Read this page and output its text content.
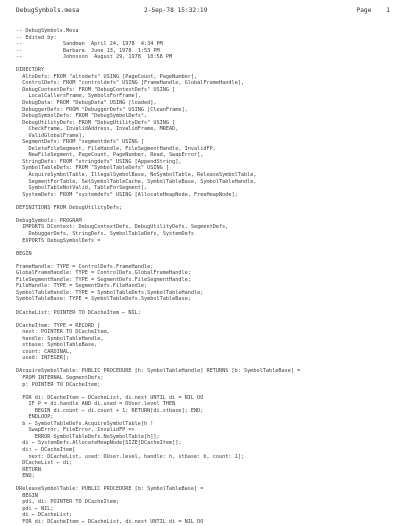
DebugSymbols.mesa	2-Sep-78 15:32:19	Page    1
-- DebugSymbols.Mesa
-- Edited by:
--             Sandman  April 24, 1978  4:34 PM
--             Barbara  June 13, 1978  1:53 PM
--             Johnsson  August 29, 1978  10:58 PM
DIRECTORY
AltoDefs: FROM "altodefs" USING [PageCount, PageNumber],
ControlDefs: FROM "controldefs" USING [FrameHandle, GlobalFrameHandle],
DebugContextDefs: FROM "DebugContextDefs" USING [
LocalCallersFrame, SymbolsForFrame],
DebugData: FROM "DebugData" USING [loaded],
DebuggerDefs: FROM "DebuggerDefs" USING [CleanFrame],
DebugSymbolDefs: FROM "DebugSymbolDefs",
DebugUtilityDefs: FROM "DebugUtilityDefs" USING [
CheckFrame, InvalidAddress, InvalidFrame, MREAD,
ValidGlobalFrame],
SegmentDefs: FROM "segmentdefs" USING [
DeleteFileSegment, FileHandle, FileSegmentHandle, InvalidFP,
NewFileSegment, PageCount, PageNumber, Read, SwapError],
StringDefs: FROM "stringdefs" USING [AppendString],
SymbolTableDefs: FROM "SymbolTableDefs" USING [
AcquireSymbolTable, IllegalSymbolBase, NoSymbolTable, ReleaseSymbolTable,
SegmentForTable, SetSymbolTableCache, SymbolTableBase, SymbolTableHandle,
SymbolTableNotValid, TableForSegment],
SystemDefs: FROM "systemdefs" USING [AllocateHeapNode, FreeHeapNode];
DEFINITIONS FROM DebugUtilityDefs;
DebugSymbols: PROGRAM
IMPORTS DContext: DebugContextDefs, DebugUtilityDefs, SegmentDefs,
DebuggerDefs, StringDefs, SymbolTableDefs, SystemDefs
EXPORTS DebugSymbolDefs =
BEGIN
FrameHandle: TYPE = ControlDefs.FrameHandle;
GlobalFrameHandle: TYPE = ControlDefs.GlobalFrameHandle;
FileSegmentHandle: TYPE = SegmentDefs.FileSegmentHandle;
FileHandle: TYPE = SegmentDefs.FileHandle;
SymbolTableHandle: TYPE = SymbolTableDefs.SymbolTableHandle;
SymbolTableBase: TYPE = SymbolTableDefs.SymbolTableBase;
DCacheList: POINTER TO DCacheItem ← NIL;
DCacheItem: TYPE = RECORD [
next: POINTER TO DCacheItem,
handle: SymbolTableHandle,
stbase: SymbolTableBase,
count: CARDINAL,
used: INTEGER];
DAcquireSymbolTable: PUBLIC PROCEDURE [h: SymbolTableHandle] RETURNS [b: SymbolTableBase] =
FROM INTERNAL SegmentDefs;
p: POINTER TO DCacheItem;
FOR di: DCacheItem ← DCacheList, di.next UNTIL di = NIL DO
IF P = di.handle AND di.used = DUser.level THEN
BEGIN di.count ← di.count + 1; RETURN[di.stbase]; END;
ENDLOOP;
b ← SymbolTableDefs.AcquireSymbolTable[h !
SwapError, FileError, InvalidFP =>
ERROR SymbolTableDefs.NoSymbolTable[h]];
di ← SystemDefs.AllocateHeapNode[SIZE[DCacheItem]];
di↑ ← DCacheItem[
next: DCacheList, used: DUser.level, handle: h, stbase: b, count: 1];
DCacheList ← di;
RETURN
END;
DReleaseSymbolTable: PUBLIC PROCEDURE [b: SymbolTableBase] =
BEGIN
pdi, di: POINTER TO DCacheItem;
pdi ← NIL;
di ← DCacheList;
FOR di: DCacheItem ← DCacheList, di.next UNTIL di = NIL DO
